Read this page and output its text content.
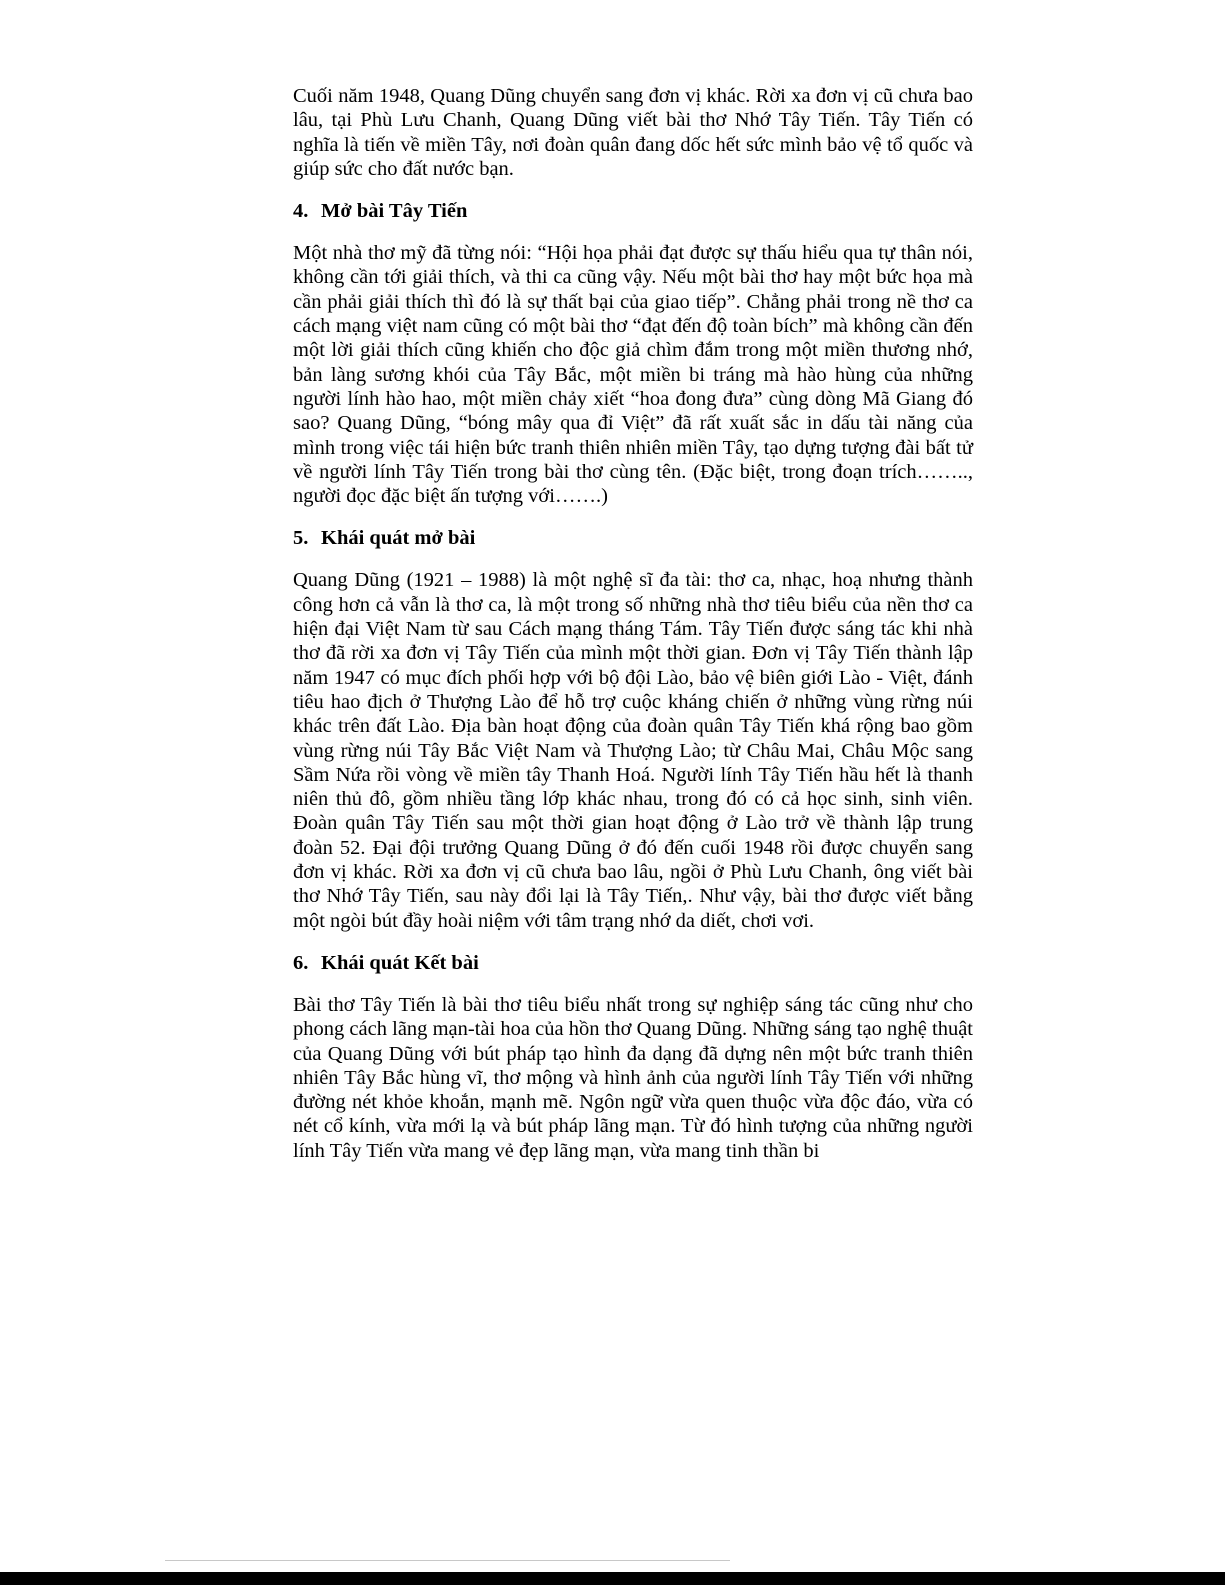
Cuối năm 1948, Quang Dũng chuyển sang đơn vị khác. Rời xa đơn vị cũ chưa bao lâu, tại Phù Lưu Chanh, Quang Dũng viết bài thơ Nhớ Tây Tiến. Tây Tiến có nghĩa là tiến về miền Tây, nơi đoàn quân đang dốc hết sức mình bảo vệ tổ quốc và giúp sức cho đất nước bạn.

4. Mở bài Tây Tiến

Một nhà thơ mỹ đã từng nói: “Hội họa phải đạt được sự thấu hiểu qua tự thân nói, không cần tới giải thích, và thi ca cũng vậy. Nếu một bài thơ hay một bức họa mà cần phải giải thích thì đó là sự thất bại của giao tiếp”. Chẳng phải trong nề thơ ca cách mạng việt nam cũng có một bài thơ “đạt đến độ toàn bích” mà không cần đến một lời giải thích cũng khiến cho độc giả chìm đắm trong một miền thương nhớ, bản làng sương khói của Tây Bắc, một miền bi tráng mà hào hùng của những người lính hào hao, một miền chảy xiết “hoa đong đưa” cùng dòng Mã Giang đó sao? Quang Dũng, “bóng mây qua đỉ Việt” đã rất xuất sắc in dấu tài năng của mình trong việc tái hiện bức tranh thiên nhiên miền Tây, tạo dựng tượng đài bất tử về người lính Tây Tiến trong bài thơ cùng tên. (Đặc biệt, trong đoạn trích…….., người đọc đặc biệt ấn tượng với…….)

5. Khái quát mở bài

Quang Dũng (1921 – 1988) là một nghệ sĩ đa tài: thơ ca, nhạc, hoạ nhưng thành công hơn cả vẫn là thơ ca, là một trong số những nhà thơ tiêu biểu của nền thơ ca hiện đại Việt Nam từ sau Cách mạng tháng Tám. Tây Tiến được sáng tác khi nhà thơ đã rời xa đơn vị Tây Tiến của mình một thời gian. Đơn vị Tây Tiến thành lập năm 1947 có mục đích phối hợp với bộ đội Lào, bảo vệ biên giới Lào - Việt, đánh tiêu hao địch ở Thượng Lào để hỗ trợ cuộc kháng chiến ở những vùng rừng núi khác trên đất Lào. Địa bàn hoạt động của đoàn quân Tây Tiến khá rộng bao gồm vùng rừng núi Tây Bắc Việt Nam và Thượng Lào; từ Châu Mai, Châu Mộc sang Sầm Nứa rồi vòng về miền tây Thanh Hoá. Người lính Tây Tiến hầu hết là thanh niên thủ đô, gồm nhiều tầng lớp khác nhau, trong đó có cả học sinh, sinh viên. Đoàn quân Tây Tiến sau một thời gian hoạt động ở Lào trở về thành lập trung đoàn 52. Đại đội trưởng Quang Dũng ở đó đến cuối 1948 rồi được chuyển sang đơn vị khác. Rời xa đơn vị cũ chưa bao lâu, ngồi ở Phù Lưu Chanh, ông viết bài thơ Nhớ Tây Tiến, sau này đổi lại là Tây Tiến,. Như vậy, bài thơ được viết bằng một ngòi bút đầy hoài niệm với tâm trạng nhớ da diết, chơi vơi.

6. Khái quát Kết bài

Bài thơ Tây Tiến là bài thơ tiêu biểu nhất trong sự nghiệp sáng tác cũng như cho phong cách lãng mạn-tài hoa của hồn thơ Quang Dũng. Những sáng tạo nghệ thuật của Quang Dũng với bút pháp tạo hình đa dạng đã dựng nên một bức tranh thiên nhiên Tây Bắc hùng vĩ, thơ mộng và hình ảnh của người lính Tây Tiến với những đường nét khỏe khoắn, mạnh mẽ. Ngôn ngữ vừa quen thuộc vừa độc đáo, vừa có nét cổ kính, vừa mới lạ và bút pháp lãng mạn. Từ đó hình tượng của những người lính Tây Tiến vừa mang vẻ đẹp lãng mạn, vừa mang tinh thần bi
